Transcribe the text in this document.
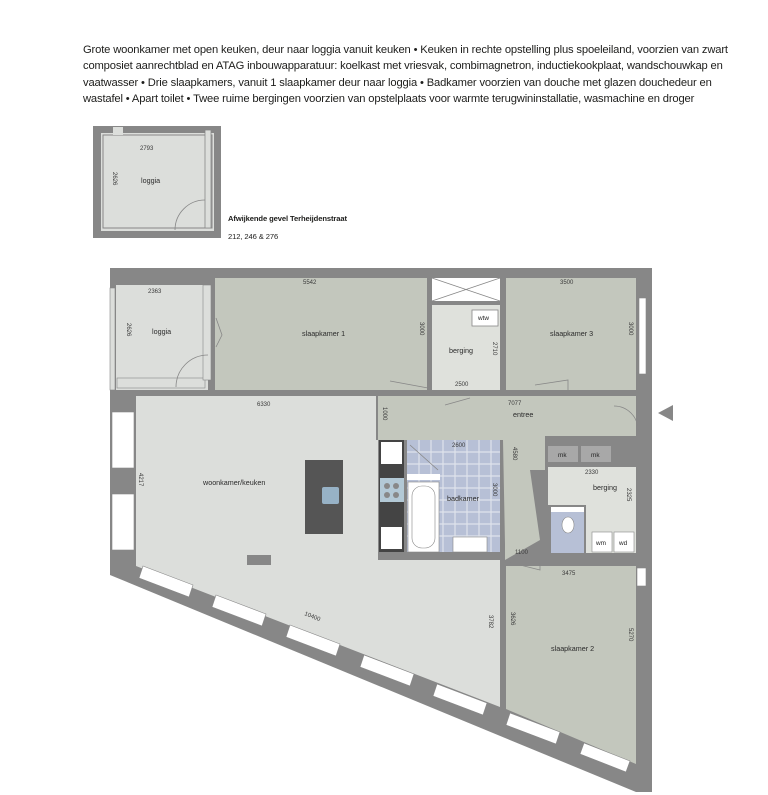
Grote woonkamer met open keuken, deur naar loggia vanuit keuken • Keuken in rechte opstelling plus spoeleiland, voorzien van zwart composiet aanrechtblad en ATAG inbouwapparatuur: koelkast met vriesvak, combimagnetron, inductiekookplaat, wandschouwkap en vaatwasser • Drie slaapkamers, vanuit 1 slaapkamer deur naar loggia • Badkamer voorzien van douche met glazen douchedeur en wastafel • Apart toilet • Twee ruime bergingen voorzien van opstelplaats voor warmte terugwininstallatie, wasmachine en droger
Afwijkende gevel Terheijdenstraat
212, 246 & 276
2793
loggia
2626
2363
loggia
2626
5542
slaapkamer 1	3000
wtw
berging	2710
2500
3500
slaapkamer 3	3000
7077
entree
1000
4580
1100
6330
woonkamer/keuken
4217
10400	3782
2600
badkamer
3000
mk	mk
wm wd
2330
berging
2325
3475
slaapkamer 2
3626
5270
